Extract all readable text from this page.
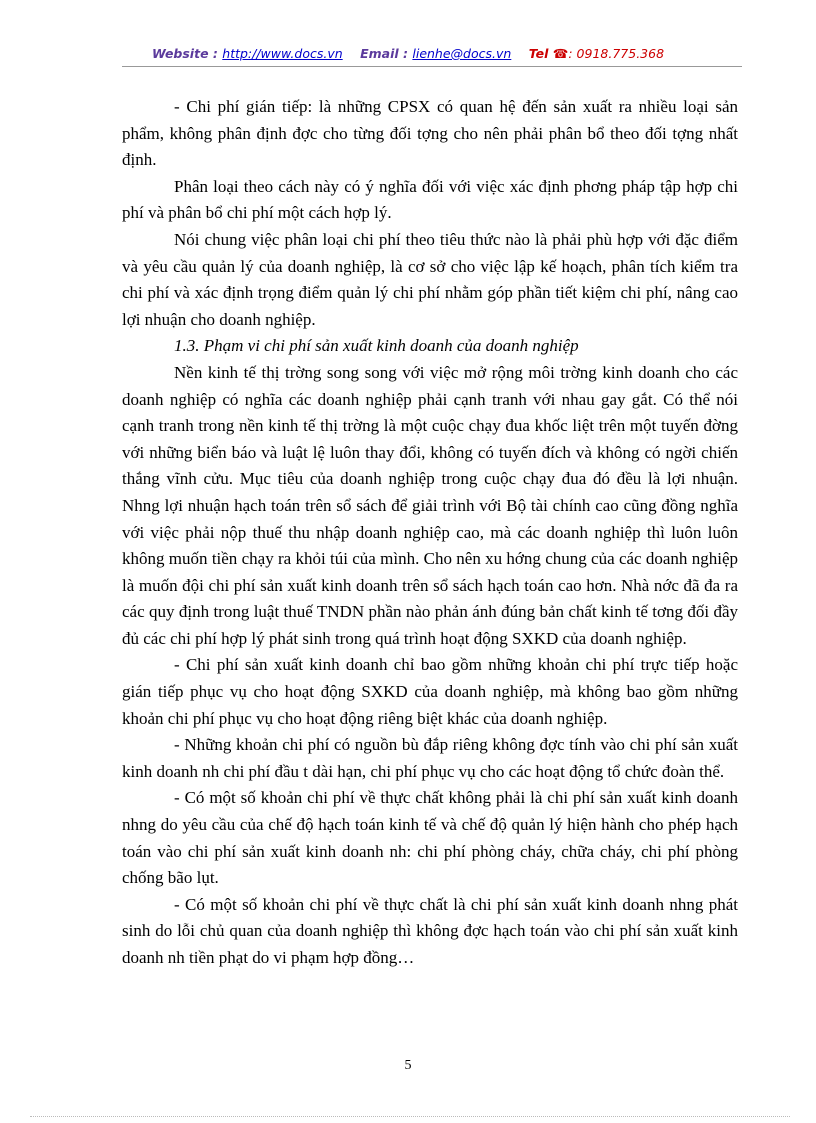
Website : http://www.docs.vn Email : lienhe@docs.vn Tel ☎: 0918.775.368

- Chi phí gián tiếp: là những CPSX có quan hệ đến sản xuất ra nhiều loại sản phẩm, không phân định đợc cho từng đối tợng cho nên phải phân bổ theo đối tợng nhất định.

Phân loại theo cách này có ý nghĩa đối với việc xác định phơng pháp tập hợp chi phí và phân bổ chi phí một cách hợp lý.

Nói chung việc phân loại chi phí theo tiêu thức nào là phải phù hợp với đặc điểm và yêu cầu quản lý của doanh nghiệp, là cơ sở cho việc lập kế hoạch, phân tích kiểm tra chi phí và xác định trọng điểm quản lý chi phí nhằm góp phần tiết kiệm chi phí, nâng cao lợi nhuận cho doanh nghiệp.

1.3. Phạm vi chi phí sản xuất kinh doanh của doanh nghiệp

Nền kinh tế thị trờng song song với việc mở rộng môi trờng kinh doanh cho các doanh nghiệp có nghĩa các doanh nghiệp phải cạnh tranh với nhau gay gắt. Có thể nói cạnh tranh trong nền kinh tế thị trờng là một cuộc chạy đua khốc liệt trên một tuyến đờng với những biển báo và luật lệ luôn thay đổi, không có tuyến đích và không có ngời chiến thắng vĩnh cửu. Mục tiêu của doanh nghiệp trong cuộc chạy đua đó đều là lợi nhuận. Nhng lợi nhuận hạch toán trên sổ sách để giải trình với Bộ tài chính cao cũng đồng nghĩa với việc phải nộp thuế thu nhập doanh nghiệp cao, mà các doanh nghiệp thì luôn luôn không muốn tiền chạy ra khỏi túi của mình. Cho nên xu hớng chung của các doanh nghiệp là muốn đội chi phí sản xuất kinh doanh trên sổ sách hạch toán cao hơn. Nhà nớc đã đa ra các quy định trong luật thuế TNDN phần nào phản ánh đúng bản chất kinh tế tơng đối đầy đủ các chi phí hợp lý phát sinh trong quá trình hoạt động SXKD của doanh nghiệp.

- Chi phí sản xuất kinh doanh chỉ bao gồm những khoản chi phí trực tiếp hoặc gián tiếp phục vụ cho hoạt động SXKD của doanh nghiệp, mà không bao gồm những khoản chi phí phục vụ cho hoạt động riêng biệt khác của doanh nghiệp.

- Những khoản chi phí có nguồn bù đắp riêng không đợc tính vào chi phí sản xuất kinh doanh nh chi phí đầu t dài hạn, chi phí phục vụ cho các hoạt động tổ chức đoàn thể.

- Có một số khoản chi phí về thực chất không phải là chi phí sản xuất kinh doanh nhng do yêu cầu của chế độ hạch toán kinh tế và chế độ quản lý hiện hành cho phép hạch toán vào chi phí sản xuất kinh doanh nh: chi phí phòng cháy, chữa cháy, chi phí phòng chống bão lụt.

- Có một số khoản chi phí về thực chất là chi phí sản xuất kinh doanh nhng phát sinh do lỗi chủ quan của doanh nghiệp thì không đợc hạch toán vào chi phí sản xuất kinh doanh nh tiền phạt do vi phạm hợp đồng…

5
